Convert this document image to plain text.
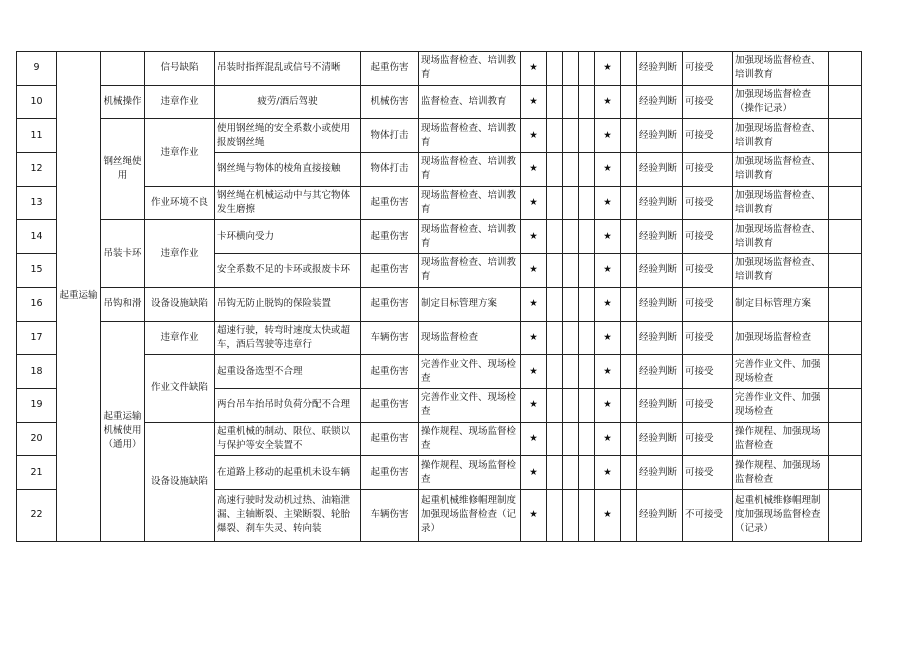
9	起重运输		信号缺陷	吊装时指挥混乱或信号不清晰	起重伤害	现场监督检查、培训教育	★				★		经验判断	可接受	加强现场监督检查、培训教育	
10		机械操作	违章作业	疲劳/酒后驾驶	机械伤害	监督检查、培训教育	★				★		经验判断	可接受	加强现场监督检查（操作记录）	
11		钢丝绳使用	违章作业	使用钢丝绳的安全系数小或使用报废钢丝绳	物体打击	现场监督检查、培训教育	★				★		经验判断	可接受	加强现场监督检查、培训教育	
12				钢丝绳与物体的棱角直接接触	物体打击	现场监督检查、培训教育	★				★		经验判断	可接受	加强现场监督检查、培训教育	
13			作业环境不良	钢丝绳在机械运动中与其它物体发生磨擦	起重伤害	现场监督检查、培训教育	★				★		经验判断	可接受	加强现场监督检查、培训教育	
14		吊装卡环	违章作业	卡环横向受力	起重伤害	现场监督检查、培训教育	★				★		经验判断	可接受	加强现场监督检查、培训教育	
15				安全系数不足的卡环或报废卡环	起重伤害	现场监督检查、培训教育	★				★		经验判断	可接受	加强现场监督检查、培训教育	
16		吊钩和滑	设备设施缺陷	吊钩无防止脱钩的保险装置	起重伤害	制定目标管理方案	★				★		经验判断	可接受	制定目标管理方案	
17		起重运输机械使用（通用）	违章作业	超速行驶，转弯时速度太快或超车，酒后驾驶等违章行	车辆伤害	现场监督检查	★				★		经验判断	可接受	加强现场监督检查	
18			作业文件缺陷	起重设备选型不合理	起重伤害	完善作业文件、现场检查	★				★		经验判断	可接受	完善作业文件、加强现场检查	
19				两台吊车抬吊时负荷分配不合理	起重伤害	完善作业文件、现场检查	★				★		经验判断	可接受	完善作业文件、加强现场检查	
20			设备设施缺陷	起重机械的制动、限位、联锁以与保护等安全装置不	起重伤害	操作规程、现场监督检查	★				★		经验判断	可接受	操作规程、加强现场监督检查	
21				在道路上移动的起重机未设车辆	起重伤害	操作规程、现场监督检查	★				★		经验判断	可接受	操作规程、加强现场监督检查	
22				高速行驶时发动机过热、油箱泄漏、主轴断裂、主梁断裂、轮胎爆裂、刹车失灵、转向装	车辆伤害	起重机械维修帽理制度加强现场监督检查（记录）	★				★		经验判断	不可接受	起重机械维修帽理制度加强现场监督检查（记录）	
